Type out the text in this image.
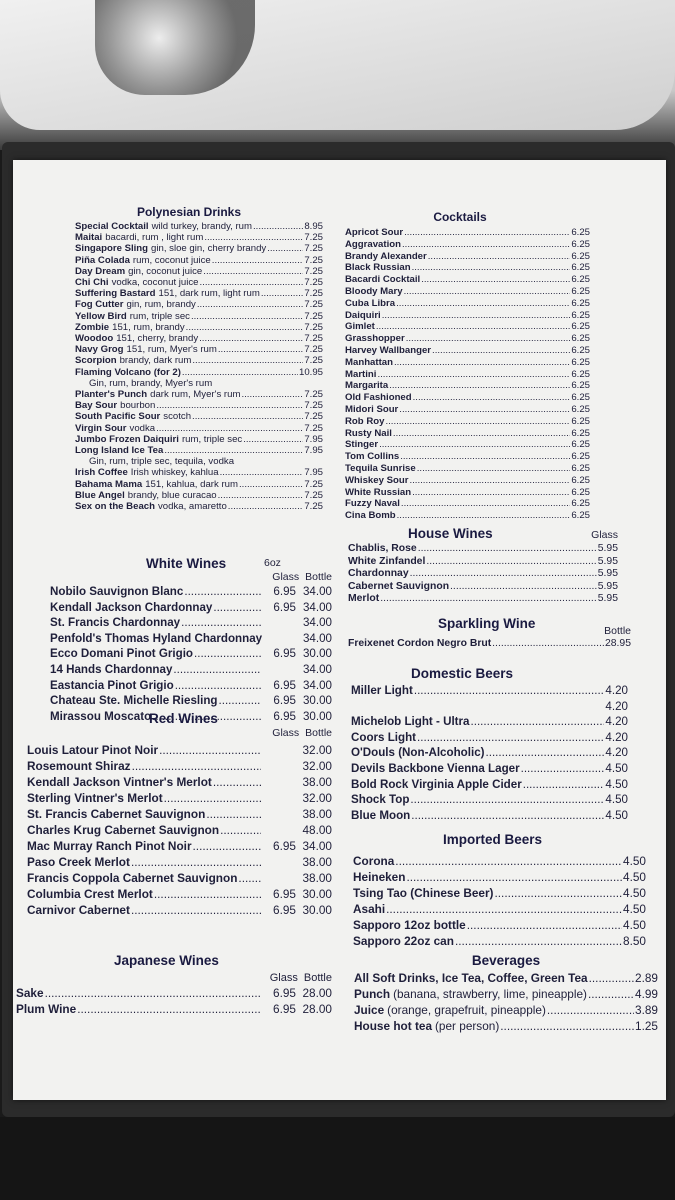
Polynesian Drinks
Special Cocktail wild turkey, brandy, rum .....	8.95
Maitai bacardi, rum , light rum .....	7.25
Singapore Sling gin, sloe gin, cherry brandy .....	7.25
Piña Colada rum, coconut juice .....	7.25
Day Dream gin, coconut juice .....	7.25
Chi Chi vodka, coconut juice .....	7.25
Suffering Bastard 151, dark rum, light rum .....	7.25
Fog Cutter gin, rum, brandy .....	7.25
Yellow Bird rum, triple sec .....	7.25
Zombie 151, rum, brandy .....	7.25
Woodoo 151, cherry, brandy .....	7.25
Navy Grog 151, rum, Myer's rum .....	7.25
Scorpion brandy, dark rum .....	7.25
Flaming Volcano (for 2) .....	10.95
Gin, rum, brandy, Myer's rum
Planter's Punch dark rum, Myer's rum .....	7.25
Bay Sour bourbon .....	7.25
South Pacific Sour scotch .....	7.25
Virgin Sour vodka .....	7.25
Jumbo Frozen Daiquiri rum, triple sec .....	7.95
Long Island Ice Tea .....	7.95
Gin, rum, triple sec, tequila, vodka
Irish Coffee Irish whiskey, kahlua .....	7.95
Bahama Mama 151, kahlua, dark rum .....	7.25
Blue Angel brandy, blue curacao .....	7.25
Sex on the Beach vodka, amaretto .....	7.25
Cocktails
Apricot Sour .....	6.25
Aggravation .....	6.25
Brandy Alexander .....	6.25
Black Russian .....	6.25
Bacardi Cocktail .....	6.25
Bloody Mary .....	6.25
Cuba Libra .....	6.25
Daiquiri .....	6.25
Gimlet .....	6.25
Grasshopper .....	6.25
Harvey Wallbanger .....	6.25
Manhattan .....	6.25
Martini .....	6.25
Margarita .....	6.25
Old Fashioned .....	6.25
Midori Sour .....	6.25
Rob Roy .....	6.25
Rusty Nail .....	6.25
Stinger .....	6.25
Tom Collins .....	6.25
Tequila Sunrise .....	6.25
Whiskey Sour .....	6.25
White Russian .....	6.25
Fuzzy Naval .....	6.25
Cina Bomb .....	6.25
House Wines	Glass
Chablis, Rose .....	5.95
White Zinfandel .....	5.95
Chardonnay .....	5.95
Cabernet Sauvignon .....	5.95
Merlot .....	5.95
Sparkling Wine	Bottle
Freixenet Cordon Negro Brut .....	28.95
Domestic Beers
Miller Light .....	4.20
4.20
Michelob Light - Ultra .....	4.20
Coors Light .....	4.20
O'Douls (Non-Alcoholic) .....	4.20
Devils Backbone Vienna Lager .....	4.50
Bold Rock Virginia Apple Cider .....	4.50
Shock Top .....	4.50
Blue Moon .....	4.50
Imported Beers
Corona .....	4.50
Heineken .....	4.50
Tsing Tao (Chinese Beer) .....	4.50
Asahi .....	4.50
Sapporo 12oz bottle .....	4.50
Sapporo 22oz can .....	8.50
Beverages
All Soft Drinks, Ice Tea, Coffee, Green Tea .....	2.89
Punch (banana, strawberry, lime, pineapple) .....	4.99
Juice (orange, grapefruit, pineapple) .....	3.89
House hot tea (per person) .....	1.25
White Wines	6oz
Glass Bottle
Nobilo Sauvignon Blanc .....	6.95 34.00
Kendall Jackson Chardonnay .....	6.95 34.00
St. Francis Chardonnay .....	34.00
Penfold's Thomas Hyland Chardonnay	34.00
Ecco Domani Pinot Grigio .....	6.95 30.00
14 Hands Chardonnay .....	34.00
Eastancia Pinot Grigio .....	6.95 34.00
Chateau Ste. Michelle Riesling .....	6.95 30.00
Mirassou Moscato .....	6.95 30.00
Red Wines
Glass Bottle
Louis Latour Pinot Noir .....	32.00
Rosemount Shiraz .....	32.00
Kendall Jackson Vintner's Merlot .....	38.00
Sterling Vintner's Merlot .....	32.00
St. Francis Cabernet Sauvignon .....	38.00
Charles Krug Cabernet Sauvignon .....	48.00
Mac Murray Ranch Pinot Noir .....	6.95 34.00
Paso Creek Merlot .....	38.00
Francis Coppola Cabernet Sauvignon .....	38.00
Columbia Crest Merlot .....	6.95 30.00
Carnivor Cabernet .....	6.95 30.00
Japanese Wines
Glass Bottle
Sake .....	6.95 28.00
Plum Wine .....	6.95 28.00
